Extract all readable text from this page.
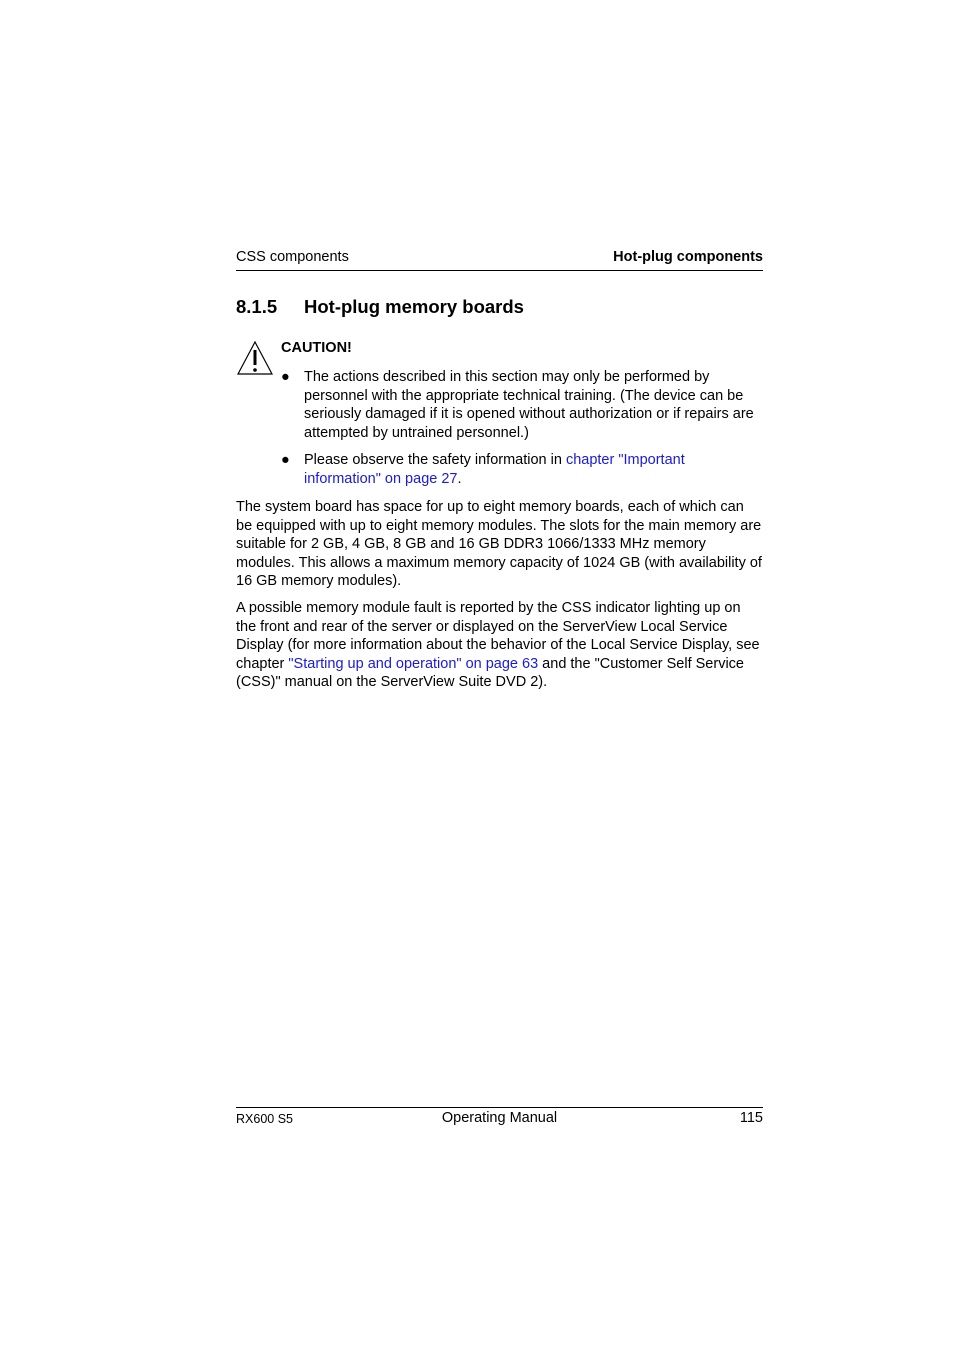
CSS components	Hot-plug components
8.1.5 Hot-plug memory boards
CAUTION!
● The actions described in this section may only be performed by personnel with the appropriate technical training. (The device can be seriously damaged if it is opened without authorization or if repairs are attempted by untrained personnel.)
● Please observe the safety information in chapter "Important information" on page 27.
The system board has space for up to eight memory boards, each of which can be equipped with up to eight memory modules. The slots for the main memory are suitable for 2 GB, 4 GB, 8 GB and 16 GB DDR3 1066/1333 MHz memory modules. This allows a maximum memory capacity of 1024 GB (with availability of 16 GB memory modules).
A possible memory module fault is reported by the CSS indicator lighting up on the front and rear of the server or displayed on the ServerView Local Service Display (for more information about the behavior of the Local Service Display, see chapter "Starting up and operation" on page 63 and the "Customer Self Service (CSS)" manual on the ServerView Suite DVD 2).
RX600 S5	Operating Manual	115
